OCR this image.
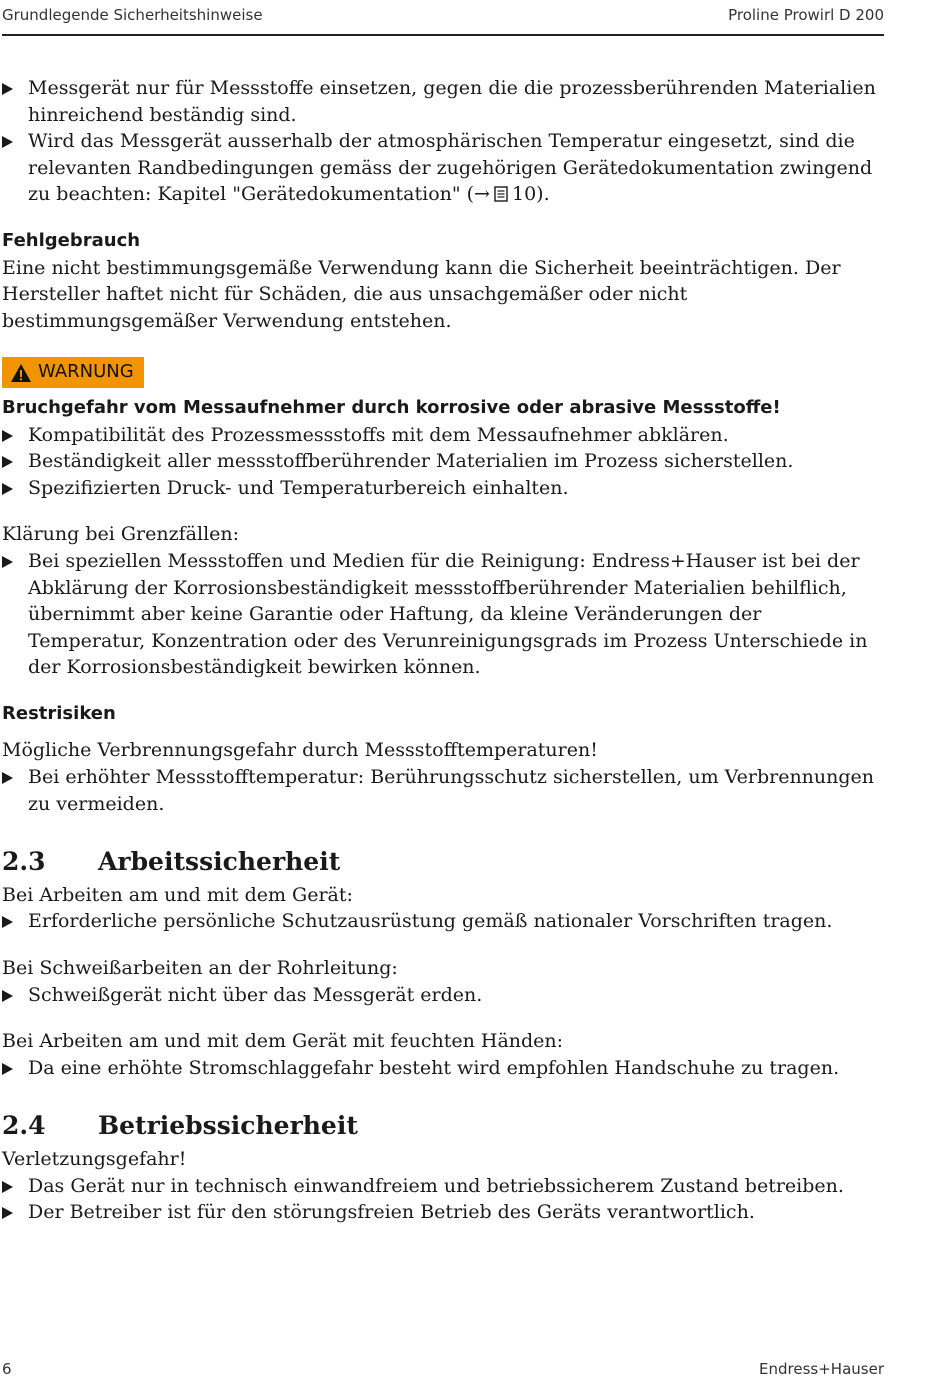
Grundlegende Sicherheitshinweise	Proline Prowirl D 200
Messgerät nur für Messstoffe einsetzen, gegen die die prozessberührenden Materialien hinreichend beständig sind.
Wird das Messgerät ausserhalb der atmosphärischen Temperatur eingesetzt, sind die relevanten Randbedingungen gemäss der zugehörigen Gerätedokumentation zwingend zu beachten: Kapitel "Gerätedokumentation" (→ 10).

Fehlgebrauch

Eine nicht bestimmungsgemäße Verwendung kann die Sicherheit beeinträchtigen. Der Hersteller haftet nicht für Schäden, die aus unsachgemäßer oder nicht bestimmungsgemäßer Verwendung entstehen.

WARNUNG

Bruchgefahr vom Messaufnehmer durch korrosive oder abrasive Messstoffe!

Kompatibilität des Prozessmessstoffs mit dem Messaufnehmer abklären.
Beständigkeit aller messstoffberührender Materialien im Prozess sicherstellen.
Spezifizierten Druck- und Temperaturbereich einhalten.

Klärung bei Grenzfällen:

Bei speziellen Messstoffen und Medien für die Reinigung: Endress+Hauser ist bei der Abklärung der Korrosionsbeständigkeit messstoffberührender Materialien behilflich, übernimmt aber keine Garantie oder Haftung, da kleine Veränderungen der Temperatur, Konzentration oder des Verunreinigungsgrads im Prozess Unterschiede in der Korrosionsbeständigkeit bewirken können.

Restrisiken

Mögliche Verbrennungsgefahr durch Messstofftemperaturen!

Bei erhöhter Messstofftemperatur: Berührungsschutz sicherstellen, um Verbrennungen zu vermeiden.
2.3	Arbeitssicherheit

Bei Arbeiten am und mit dem Gerät:

Erforderliche persönliche Schutzausrüstung gemäß nationaler Vorschriften tragen.

Bei Schweißarbeiten an der Rohrleitung:

Schweißgerät nicht über das Messgerät erden.

Bei Arbeiten am und mit dem Gerät mit feuchten Händen:

Da eine erhöhte Stromschlaggefahr besteht wird empfohlen Handschuhe zu tragen.
2.4	Betriebssicherheit

Verletzungsgefahr!

Das Gerät nur in technisch einwandfreiem und betriebssicherem Zustand betreiben.
Der Betreiber ist für den störungsfreien Betrieb des Geräts verantwortlich.
6	Endress+Hauser
